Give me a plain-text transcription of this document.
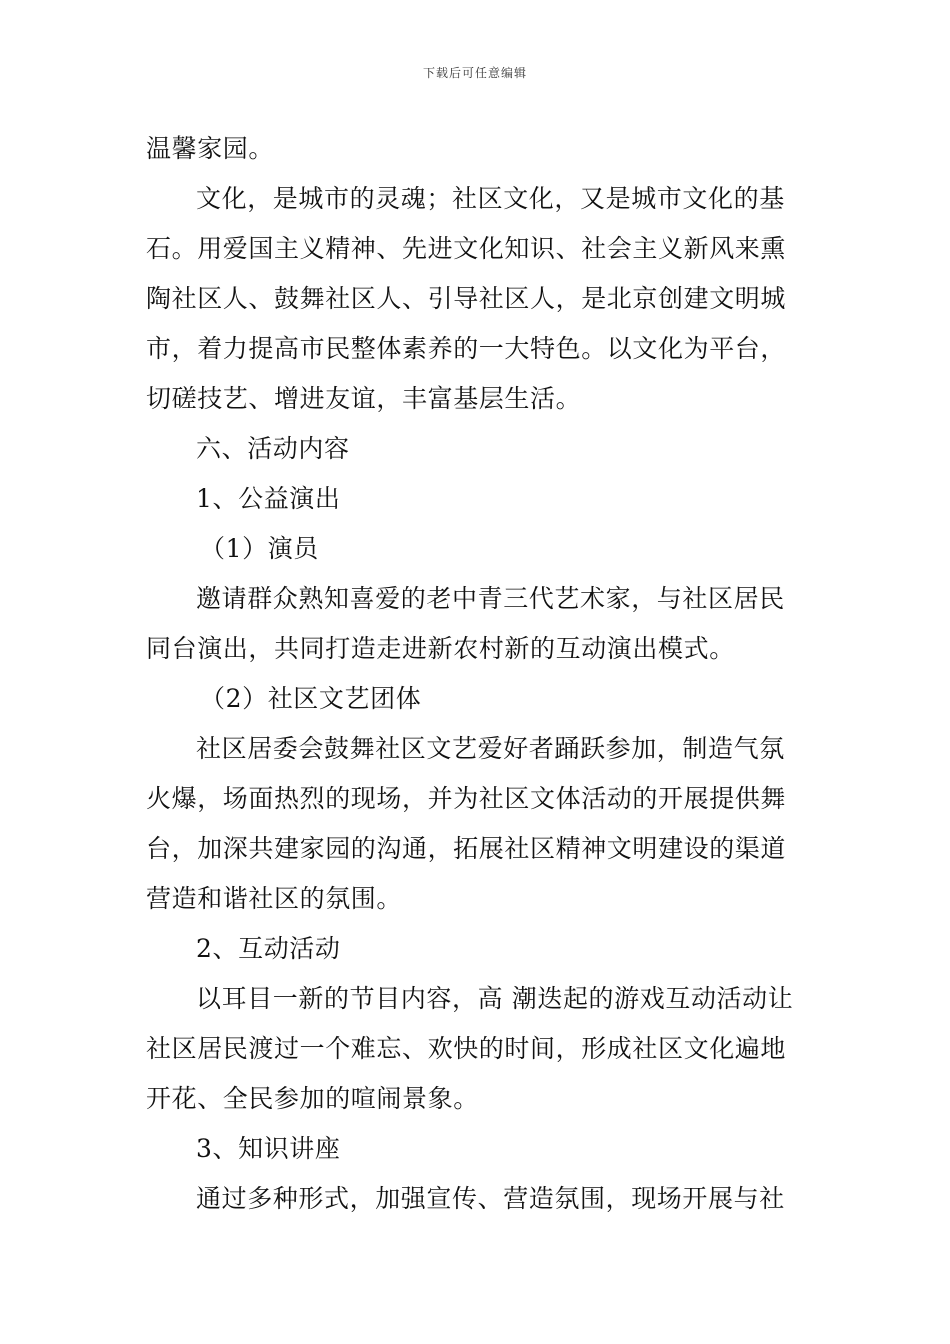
下载后可任意编辑
温馨家园。
文化，是城市的灵魂；社区文化，又是城市文化的基
石。用爱国主义精神、先进文化知识、社会主义新风来熏
陶社区人、鼓舞社区人、引导社区人，是北京创建文明城
市，着力提高市民整体素养的一大特色。以文化为平台，
切磋技艺、增进友谊，丰富基层生活。
六、活动内容
1、公益演出
（1）演员
邀请群众熟知喜爱的老中青三代艺术家，与社区居民
同台演出，共同打造走进新农村新的互动演出模式。
（2）社区文艺团体
社区居委会鼓舞社区文艺爱好者踊跃参加，制造气氛
火爆，场面热烈的现场，并为社区文体活动的开展提供舞
台，加深共建家园的沟通，拓展社区精神文明建设的渠道
营造和谐社区的氛围。
2、互动活动
以耳目一新的节目内容，高 潮迭起的游戏互动活动让
社区居民渡过一个难忘、欢快的时间，形成社区文化遍地
开花、全民参加的喧闹景象。
3、知识讲座
通过多种形式，加强宣传、营造氛围，现场开展与社
